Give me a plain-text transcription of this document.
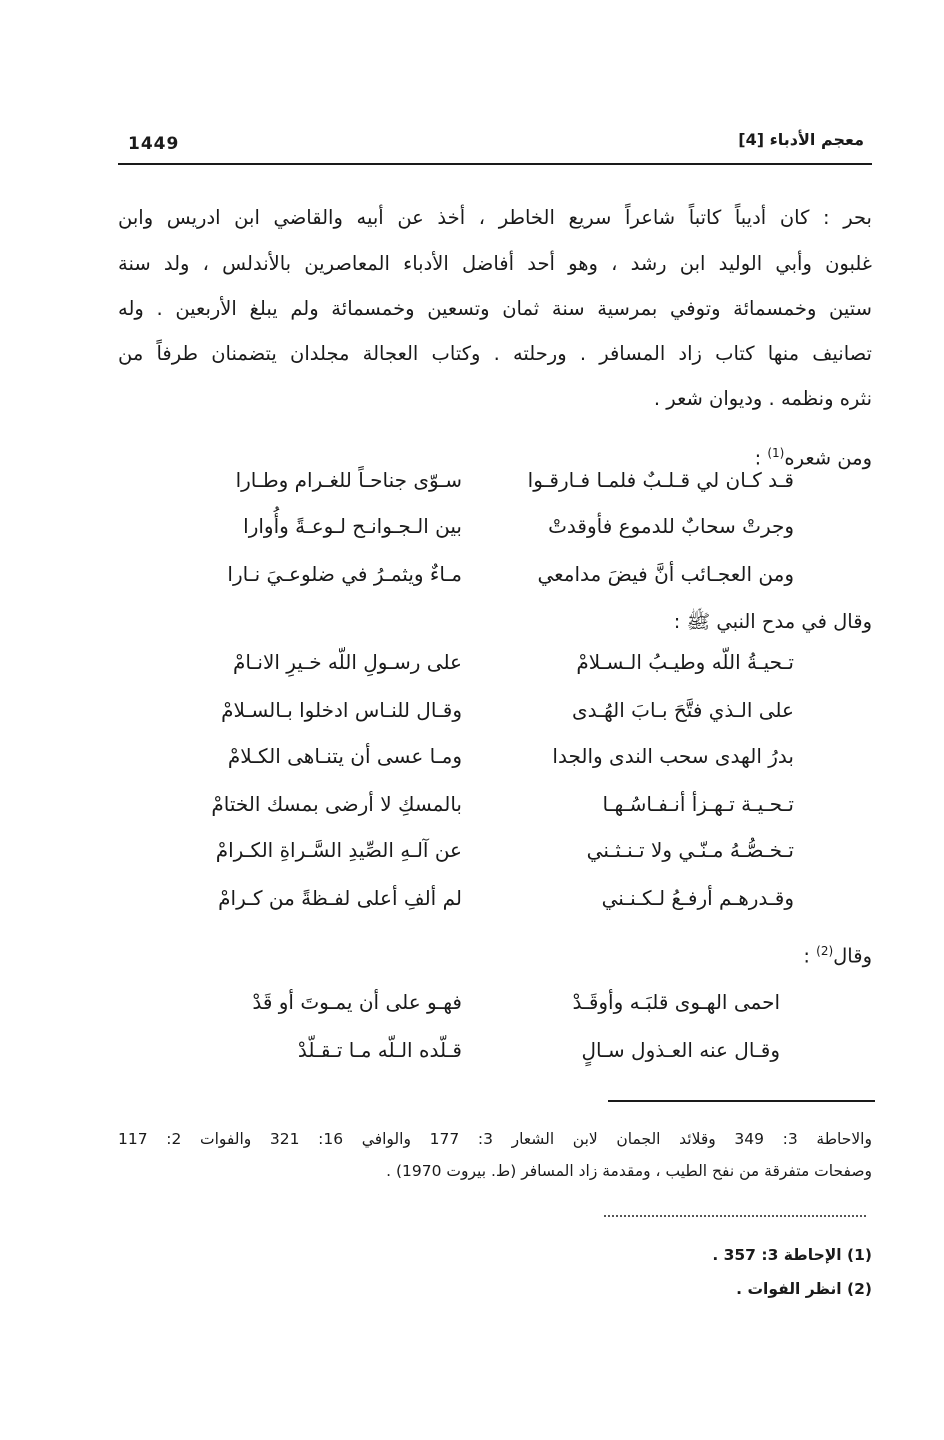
1449	معجم الأدباء [4]
بحر : كان أديباً كاتباً شاعراً سريع الخاطر ، أخذ عن أبيه والقاضي ابن ادريس وابن
غلبون وأبي الوليد ابن رشد ، وهو أحد أفاضل الأدباء المعاصرين بالأندلس ، ولد سنة
ستين وخمسمائة وتوفي بمرسية سنة ثمان وتسعين وخمسمائة ولم يبلغ الأربعين . وله
تصانيف منها كتاب زاد المسافر . ورحلته . وكتاب العجالة مجلدان يتضمنان طرفاً من
نثره ونظمه . وديوان شعر .
ومن شعره$^{(1)}$ :
قـد كـان لي قـلـبٌ فلمـا فـارقـوا
سـوّى جناحـاً للغـرام وطـارا
وجرتْ سحابٌ للدموع فأوقدتْ
بين الـجـوانـح لـوعـةً وأُوارا
ومن العجـائب أنَّ فيضَ مدامعي
مـاءٌ ويثمـرُ في ضلوعـيَ نـارا
وقال في مدح النبي ﷺ :
تـحيـةُ اللّه وطيـبُ الـسـلامْ
على رسـولِ اللّه خـيرِ الانـامْ
على الـذي فتَّحَ بـابَ الهُـدى
وقـال للنـاس ادخلوا بـالسـلامْ
بدرُ الهدى سحب الندى والجدا
ومـا عسى أن يتنـاهى الكـلامْ
تـحـيـة تـهـزأ أنـفـاسُـهـا
بالمسكِ لا أرضى بمسك الختامْ
تـخـصُّـهُ مـنّـي ولا تـنـثـني
عن آلـهِ الصِّيدِ السَّـراةِ الكـرامْ
وقـدرهـم أرفـعُ لـكـنـني
لم ألفِ أعلى لفـظةً من كـرامْ
وقال$^{(2)}$ :
احمى الهـوى قلبَـه وأوقَـدْ
فهـو على أن يمـوتَ أو قَدْ
وقـال عنه العـذول سـالٍ
قـلّده الـلّه مـا تـقـلّدْ
والاحاطة 3: 349 وقلائد الجمان لابن الشعار 3: 177 والوافي 16: 321 والفوات 2: 117
وصفحات متفرقة من نفح الطيب ، ومقدمة زاد المسافر (ط. بيروت 1970) .
(1) الإحاطة 3: 357 .
(2) انظر الفوات .
